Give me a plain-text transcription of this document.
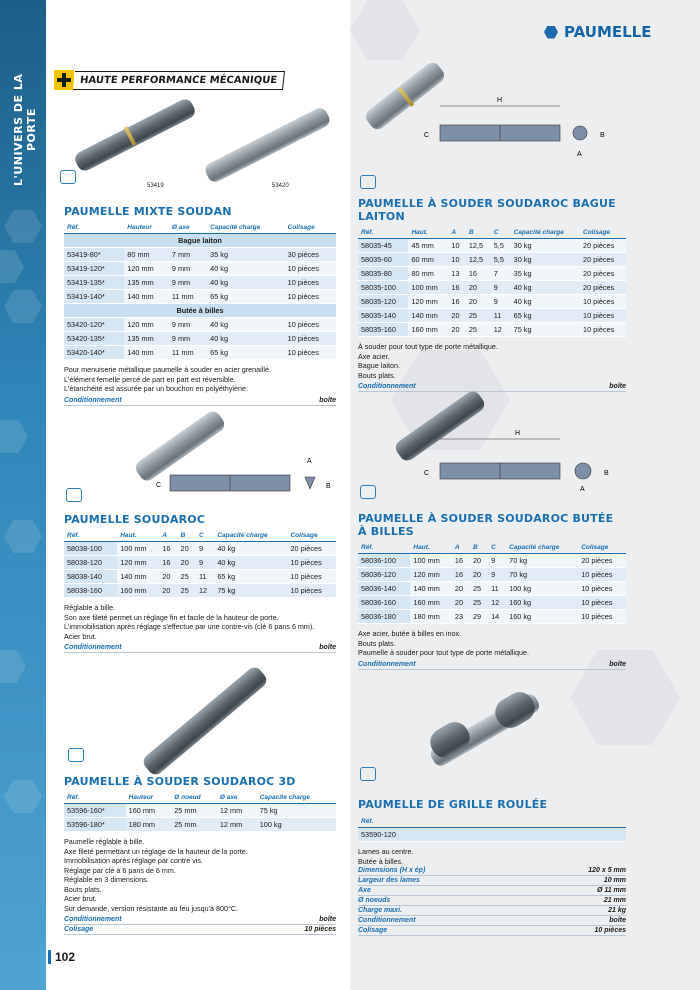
L'UNIVERS DE LA PORTE
PAUMELLE
HAUTE PERFORMANCE MÉCANIQUE
53419	53420
PAUMELLE MIXTE SOUDAN
Réf.	Hauteur	Ø axe	Capacité charge	Colisage
Bague laiton				
53419-80*	80 mm	7 mm	35 kg	30 pièces
53419-120*	120 mm	9 mm	40 kg	10 pièces
53419-135*	135 mm	9 mm	40 kg	10 pièces
53419-140*	140 mm	11 mm	65 kg	10 pièces
Butée à billes				
53420-120*	120 mm	9 mm	40 kg	10 pièces
53420-135*	135 mm	9 mm	40 kg	10 pièces
53420-140*	140 mm	11 mm	65 kg	10 pièces
Pour menuiserie métallique paumelle à souder en acier grenaillé.
L'élément femelle percé de part en part est réversible.
L'étanchéité est assurée par un bouchon en polyéthylène.
Conditionnement	boîte
C
A
B
PAUMELLE SOUDAROC
Réf.	Haut.	A	B	C	Capacité charge	Colisage
58038-100	100 mm	16	20	9	40 kg	20 pièces
58038-120	120 mm	16	20	9	40 kg	10 pièces
58038-140	140 mm	20	25	11	65 kg	10 pièces
58038-160	160 mm	20	25	12	75 kg	10 pièces
Réglable à bille.
Son axe fileté permet un réglage fin et facile de la hauteur de porte.
L'immobilisation après réglage s'effectue par une contre-vis (clé 6 pans 6 mm).
Acier brut.
Conditionnement	boîte
PAUMELLE À SOUDER SOUDAROC 3D
Réf.	Hauteur	Ø noeud	Ø axe	Capacité charge
53596-160*	160 mm	25 mm	12 mm	75 kg
53596-180*	180 mm	25 mm	12 mm	100 kg
Paumelle réglable à bille.
Axe fileté permettant un réglage de la hauteur de la porte.
Immobilisation après réglage par contre vis.
Réglage par clé à 6 pans de 6 mm.
Réglable en 3 dimensions.
Bouts plats.
Acier brut.
Sur demande, version résistante au feu jusqu'à 800°C.
Conditionnement	boîte
Colisage	10 pièces
H
C
A
B
PAUMELLE À SOUDER SOUDAROC BAGUE LAITON
Réf.	Haut.	A	B	C	Capacité charge	Colisage
58035-45	45 mm	10	12,5	5,5	30 kg	20 pièces
58035-60	60 mm	10	12,5	5,5	30 kg	20 pièces
58035-80	80 mm	13	16	7	35 kg	20 pièces
58035-100	100 mm	16	20	9	40 kg	20 pièces
58035-120	120 mm	16	20	9	40 kg	10 pièces
58035-140	140 mm	20	25	11	65 kg	10 pièces
58035-160	160 mm	20	25	12	75 kg	10 pièces
À souder pour tout type de porte métallique.
Axe acier.
Bague laiton.
Bouts plats.
Conditionnement	boîte
H
C
A
B
PAUMELLE À SOUDER SOUDAROC BUTÉE À BILLES
Réf.	Haut.	A	B	C	Capacité charge	Colisage
58036-100	100 mm	16	20	9	70 kg	20 pièces
58036-120	120 mm	16	20	9	70 kg	10 pièces
58036-140	140 mm	20	25	11	100 kg	10 pièces
58036-160	160 mm	20	25	12	160 kg	10 pièces
58036-180	180 mm	23	29	14	160 kg	10 pièces
Axe acier, butée à billes en inox.
Bouts plats.
Paumelle à souder pour tout type de porte métallique.
Conditionnement	boîte
PAUMELLE DE GRILLE ROULÉE
Réf.
53590-120
Lames au centre.
Butée à billes.
Dimensions (H x ép)	120 x 5 mm
Largeur des lames	10 mm
Axe	Ø 11 mm
Ø noeuds	21 mm
Charge maxi.	21 kg
Conditionnement	boîte
Colisage	10 pièces
102
